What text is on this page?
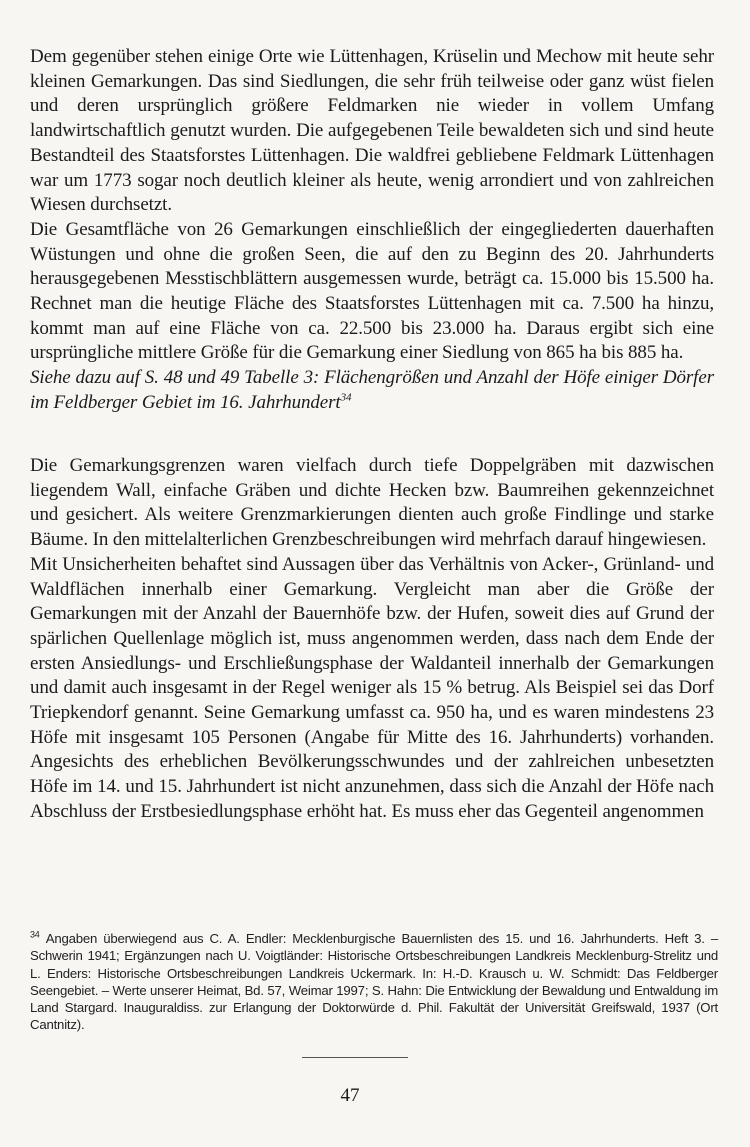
Dem gegenüber stehen einige Orte wie Lüttenhagen, Krüselin und Mechow mit heute sehr kleinen Gemarkungen. Das sind Siedlungen, die sehr früh teilweise oder ganz wüst fielen und deren ursprünglich größere Feldmarken nie wieder in vollem Umfang landwirtschaftlich genutzt wurden. Die aufgegebenen Teile bewaldeten sich und sind heute Bestandteil des Staatsforstes Lüttenhagen. Die waldfrei gebliebene Feldmark Lüttenhagen war um 1773 sogar noch deutlich kleiner als heute, wenig arrondiert und von zahlreichen Wiesen durchsetzt.

Die Gesamtfläche von 26 Gemarkungen einschließlich der eingegliederten dauerhaften Wüstungen und ohne die großen Seen, die auf den zu Beginn des 20. Jahrhunderts herausgegebenen Messtischblättern ausgemessen wurde, beträgt ca. 15.000 bis 15.500 ha. Rechnet man die heutige Fläche des Staatsforstes Lüttenhagen mit ca. 7.500 ha hinzu, kommt man auf eine Fläche von ca. 22.500 bis 23.000 ha. Daraus ergibt sich eine ursprüngliche mittlere Größe für die Gemarkung einer Siedlung von 865 ha bis 885 ha.

Siehe dazu auf S. 48 und 49 Tabelle 3: Flächengrößen und Anzahl der Höfe einiger Dörfer im Feldberger Gebiet im 16. Jahrhundert$^{34}$

Die Gemarkungsgrenzen waren vielfach durch tiefe Doppelgräben mit dazwischen liegendem Wall, einfache Gräben und dichte Hecken bzw. Baumreihen gekennzeichnet und gesichert. Als weitere Grenzmarkierungen dienten auch große Findlinge und starke Bäume. In den mittelalterlichen Grenzbeschreibungen wird mehrfach darauf hingewiesen.

Mit Unsicherheiten behaftet sind Aussagen über das Verhältnis von Acker-, Grünland- und Waldflächen innerhalb einer Gemarkung. Vergleicht man aber die Größe der Gemarkungen mit der Anzahl der Bauernhöfe bzw. der Hufen, soweit dies auf Grund der spärlichen Quellenlage möglich ist, muss angenommen werden, dass nach dem Ende der ersten Ansiedlungs- und Erschließungsphase der Waldanteil innerhalb der Gemarkungen und damit auch insgesamt in der Regel weniger als 15 % betrug. Als Beispiel sei das Dorf Triepkendorf genannt. Seine Gemarkung umfasst ca. 950 ha, und es waren mindestens 23 Höfe mit insgesamt 105 Personen (Angabe für Mitte des 16. Jahrhunderts) vorhanden. Angesichts des erheblichen Bevölkerungsschwundes und der zahlreichen unbesetzten Höfe im 14. und 15. Jahrhundert ist nicht anzunehmen, dass sich die Anzahl der Höfe nach Abschluss der Erstbesiedlungsphase erhöht hat. Es muss eher das Gegenteil angenommen

$^{34}$ Angaben überwiegend aus C. A. Endler: Mecklenburgische Bauernlisten des 15. und 16. Jahrhunderts. Heft 3. – Schwerin 1941; Ergänzungen nach U. Voigtländer: Historische Ortsbeschreibungen Landkreis Mecklenburg-Strelitz und L. Enders: Historische Ortsbeschreibungen Landkreis Uckermark. In: H.-D. Krausch u. W. Schmidt: Das Feldberger Seengebiet. – Werte unserer Heimat, Bd. 57, Weimar 1997; S. Hahn: Die Entwicklung der Bewaldung und Entwaldung im Land Stargard. Inauguraldiss. zur Erlangung der Doktorwürde d. Phil. Fakultät der Universität Greifswald, 1937 (Ort Cantnitz).
47
